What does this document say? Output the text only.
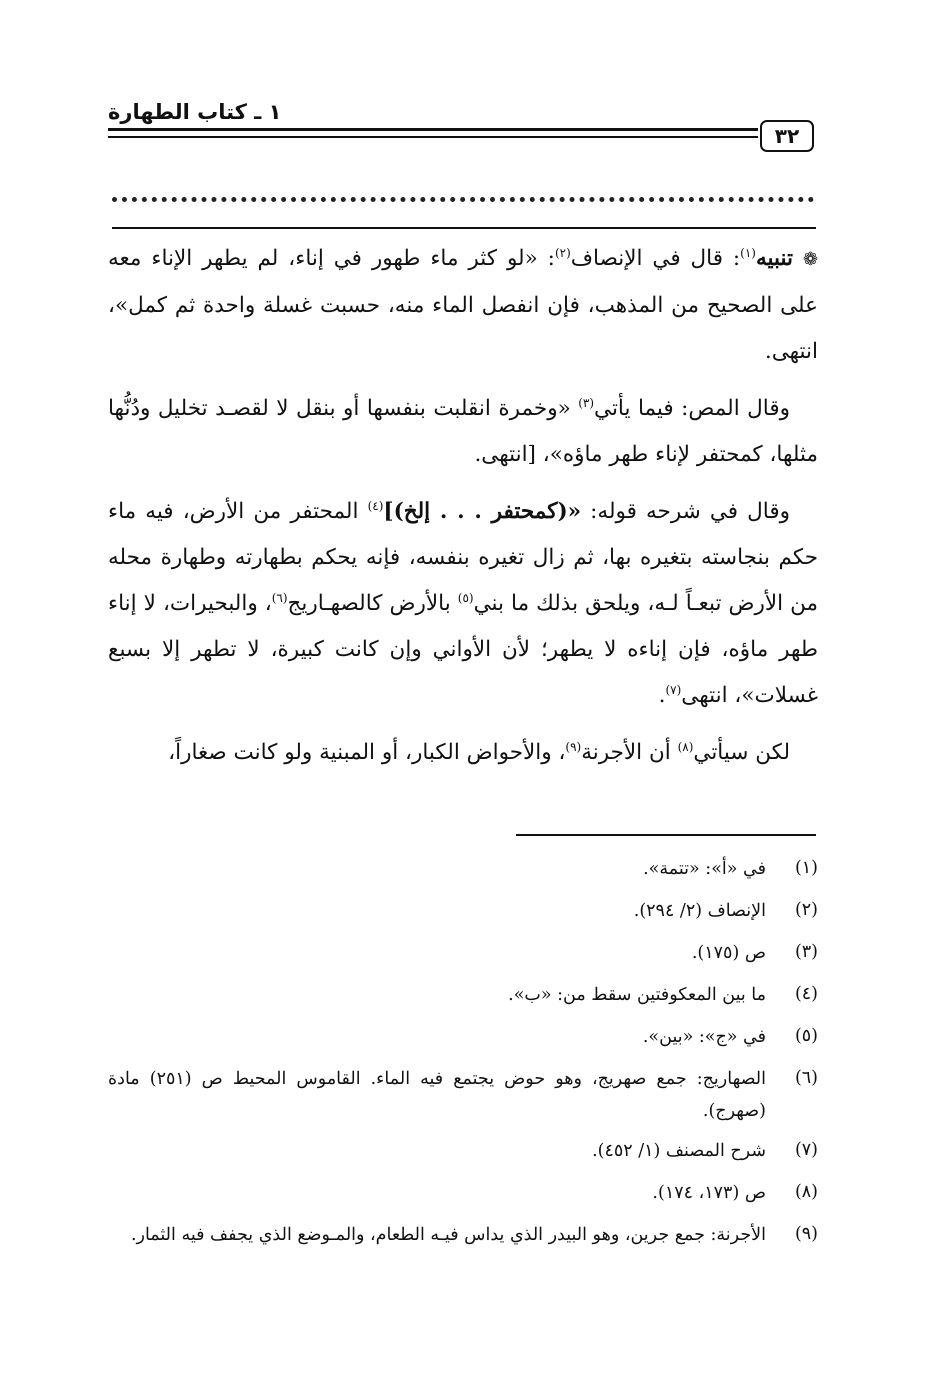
١ ـ كتاب الطهارة
٣٢

❁ تنبيه$^{(١)}$: قال في الإنصاف$^{(٢)}$: «لو كثر ماء طهور في إناء، لم يطهر الإناء معه على الصحيح من المذهب، فإن انفصل الماء منه، حسبت غسلة واحدة ثم كمل»، انتهى.

وقال المص: فيما يأتي$^{(٣)}$ «وخمرة انقلبت بنفسها أو بنقل لا لقصـد تخليل ودُنُّها مثلها، كمحتفر لإناء طهر ماؤه»، [انتهى.

وقال في شرحه قوله: «(كمحتفر . . . إلخ)]$^{(٤)}$ المحتفر من الأرض، فيه ماء حكم بنجاسته بتغيره بها، ثم زال تغيره بنفسه، فإنه يحكم بطهارته وطهارة محله من الأرض تبعـاً لـه، ويلحق بذلك ما بني$^{(٥)}$ بالأرض كالصهـاريج$^{(٦)}$، والبحيرات، لا إناء طهر ماؤه، فإن إناءه لا يطهر؛ لأن الأواني وإن كانت كبيرة، لا تطهر إلا بسبع غسلات»، انتهى$^{(٧)}$.

لكن سيأتي$^{(٨)}$ أن الأجرنة$^{(٩)}$، والأحواض الكبار، أو المبنية ولو كانت صغاراً،

(١)
في «أ»: «تتمة».
(٢)
الإنصاف (٢/ ٢٩٤).
(٣)
ص (١٧٥).
(٤)
ما بين المعكوفتين سقط من: «ب».
(٥)
في «ج»: «بين».
(٦)
الصهاريج: جمع صهريج، وهو حوض يجتمع فيه الماء. القاموس المحيط ص (٢٥١) مادة (صهرج).
(٧)
شرح المصنف (١/ ٤٥٢).
(٨)
ص (١٧٣، ١٧٤).
(٩)
الأجرنة: جمع جرين، وهو البيدر الذي يداس فيـه الطعام، والمـوضع الذي يجفف فيه الثمار.
